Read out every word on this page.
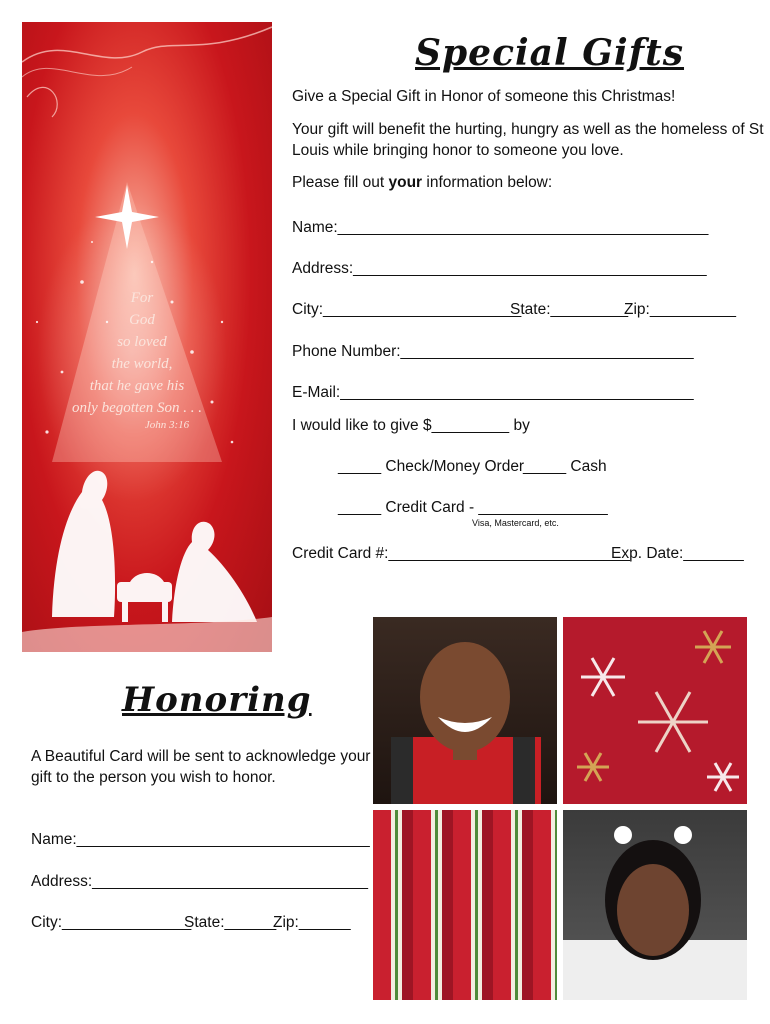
For
God
so loved
the world,
that he gave his
only begotten Son . . .
John 3:16
Special Gifts
Give a Special Gift in Honor of someone this Christmas!
Your gift will benefit the hurting, hungry as well as the homeless of St
Louis while bringing honor to someone you love.
Please fill out your information below:
Name:___________________________________________
Address:_________________________________________
City:_______________________
State:_________
Zip:__________
Phone Number:__________________________________
E-Mail:_________________________________________
I would like to give $_________ by
_____ Check/Money Order
_____ Cash
_____ Credit Card - _______________
Visa, Mastercard, etc.
Credit Card #:____________________________
Exp. Date:_______
Honoring
A Beautiful Card will be sent to acknowledge your
gift to the person you wish to honor.
Name:__________________________________
Address:________________________________
City:_______________
State:______
Zip:______
